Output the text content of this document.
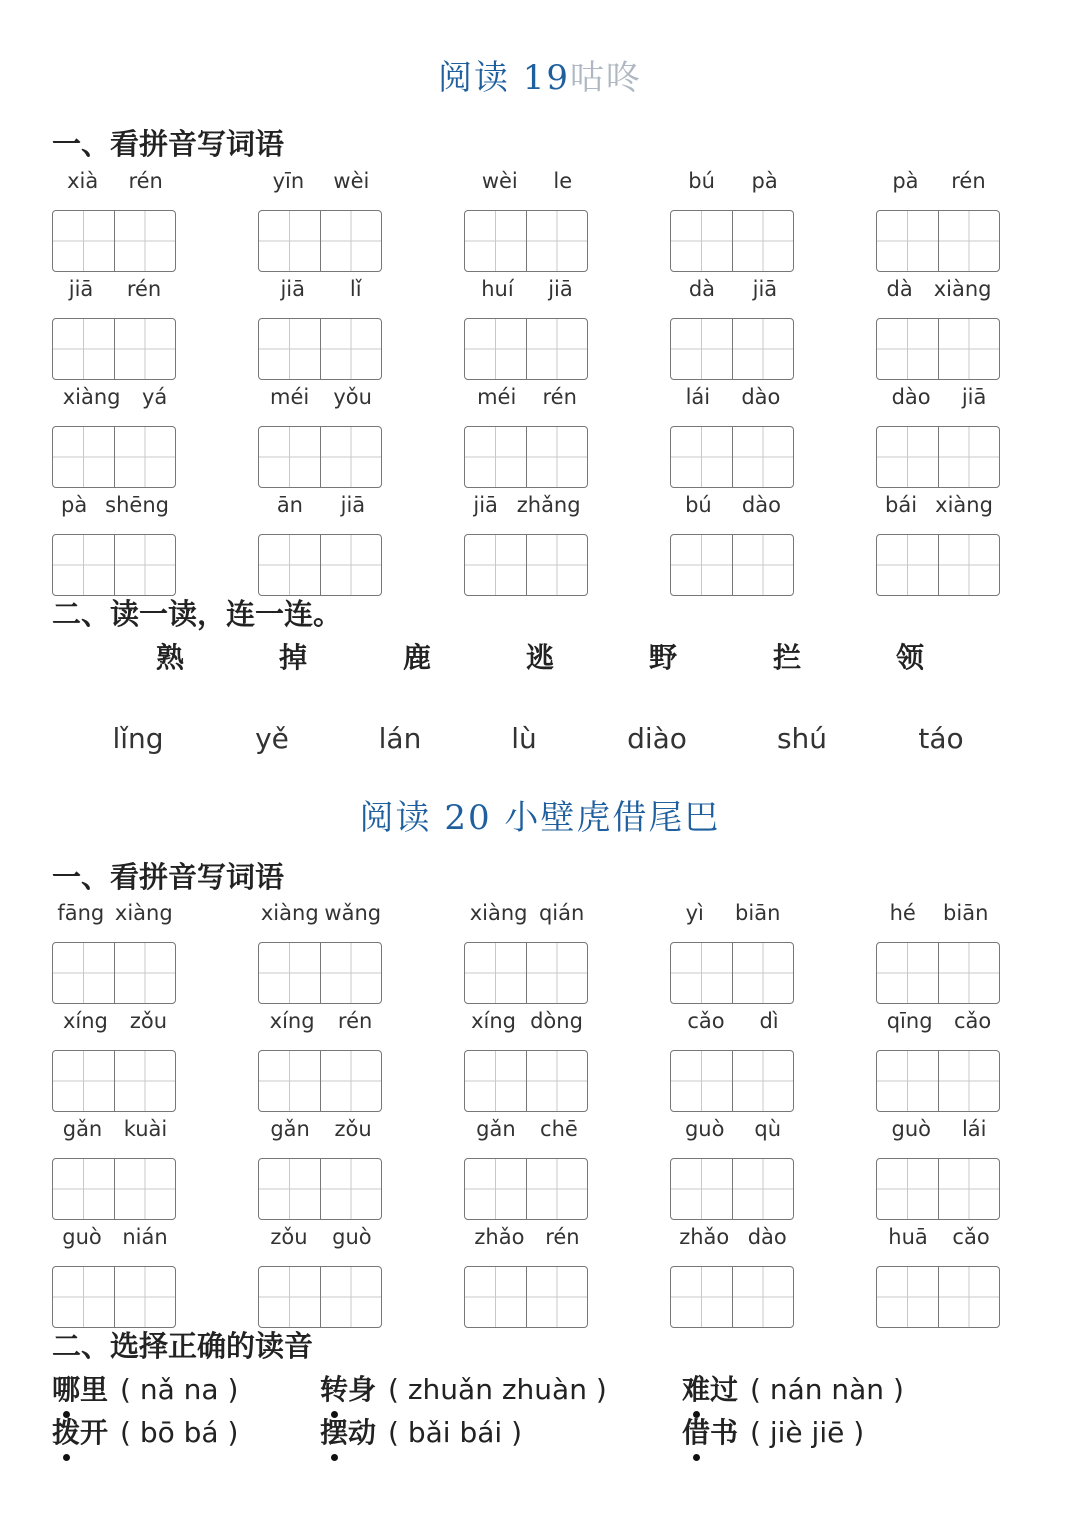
阅读 19咕咚
一、看拼音写词语
xià rén	yīn wèi	wèi le	bú pà	pà rén
jiā rén	jiā lǐ	huí jiā	dà jiā	dà xiàng
xiàng yá	méi yǒu	méi rén	lái dào	dào jiā
pà shēng	ān jiā	jiā zhǎng	bú dào	bái xiàng
二、读一读，连一连。
熟	掉	鹿	逃	野	拦	领
lǐng	yě	lán	lù	diào	shú	táo
阅读 20 小壁虎借尾巴
一、看拼音写词语
fāng xiàng	xiàng wǎng	xiàng qián	yì biān	hé biān
xíng zǒu	xíng rén	xíng dòng	cǎo dì	qīng cǎo
gǎn kuài	gǎn zǒu	gǎn chē	guò qù	guò lái
guò nián	zǒu guò	zhǎo rén	zhǎo dào	huā cǎo
二、选择正确的读音
哪里 ( nǎ na )	转身 ( zhuǎn zhuàn )	难过 ( nán nàn )
拨开 ( bō bá )	摆动 ( bǎi bái )	借书 ( jiè jiē )
